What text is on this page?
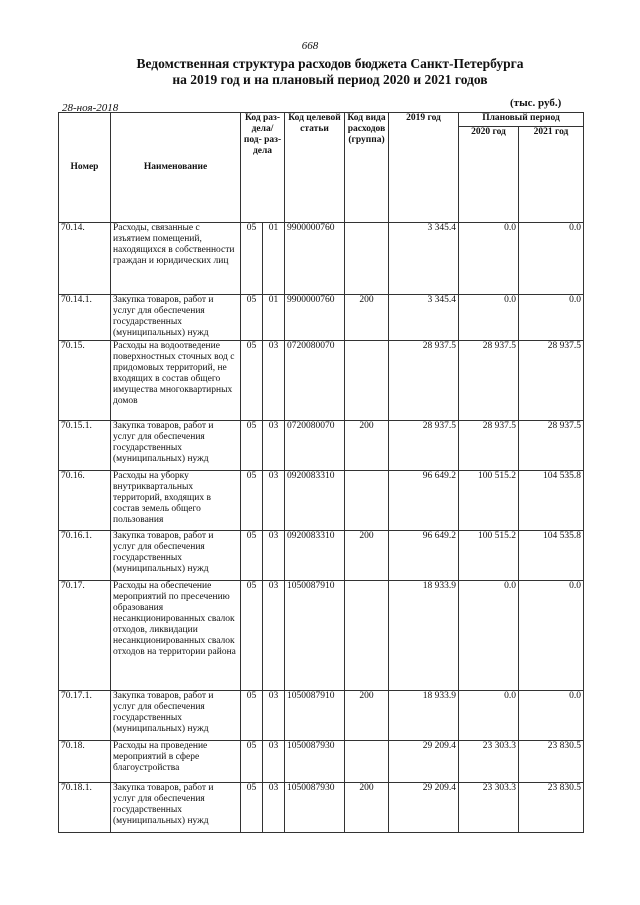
668
Ведомственная структура расходов бюджета Санкт-Петербурга
на 2019 год и на плановый период 2020 и 2021 годов
28-ноя-2018	(тыс. руб.)
Номер	Наименование	Код раз- дела/ под- раз- дела		Код целевой статьи	Код вида расходов (группа)	2019 год	Плановый период	
							2020 год	2021 год
70.14.	Расходы, связанные с изъятием помещений, находящихся в собственности граждан и юридических лиц	05	01	9900000760		3 345.4	0.0	0.0
70.14.1.	Закупка товаров, работ и услуг для обеспечения государственных (муниципальных) нужд	05	01	9900000760	200	3 345.4	0.0	0.0
70.15.	Расходы на водоотведение поверхностных сточных вод с придомовых территорий, не входящих в состав общего имущества многоквартирных домов	05	03	0720080070		28 937.5	28 937.5	28 937.5
70.15.1.	Закупка товаров, работ и услуг для обеспечения государственных (муниципальных) нужд	05	03	0720080070	200	28 937.5	28 937.5	28 937.5
70.16.	Расходы на уборку внутриквартальных территорий, входящих в состав земель общего пользования	05	03	0920083310		96 649.2	100 515.2	104 535.8
70.16.1.	Закупка товаров, работ и услуг для обеспечения государственных (муниципальных) нужд	05	03	0920083310	200	96 649.2	100 515.2	104 535.8
70.17.	Расходы на обеспечение мероприятий по пресечению образования несанкционированных свалок отходов, ликвидации несанкционированных свалок отходов на территории района	05	03	1050087910		18 933.9	0.0	0.0
70.17.1.	Закупка товаров, работ и услуг для обеспечения государственных (муниципальных) нужд	05	03	1050087910	200	18 933.9	0.0	0.0
70.18.	Расходы на проведение мероприятий в сфере благоустройства	05	03	1050087930		29 209.4	23 303.3	23 830.5
70.18.1.	Закупка товаров, работ и услуг для обеспечения государственных (муниципальных) нужд	05	03	1050087930	200	29 209.4	23 303.3	23 830.5
